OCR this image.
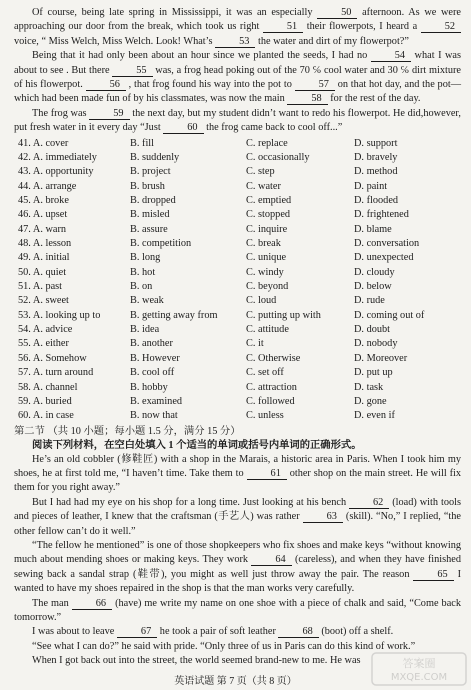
Of course, being late spring in Mississippi, it was an especially 50 afternoon. As we were approaching our door from the break, which took us right 51 their flowerpots, I heard a 52 voice, “ Miss Welch, Miss Welch. Look! What’s 53 the water and dirt of my flowerpot?”

Being that it had only been about an hour since we planted the seeds, I had no 54 what I was about to see . But there 55 was, a frog head poking out of the 70 ℅ cool water and 30 ℅ dirt mixture of his flowerpot. 56 , that frog found his way into the pot to 57 on that hot day, and the pot—which had been made fun of by his classmates, was now the main 58 for the rest of the day.

The frog was 59 the next day, but my student didn’t want to redo his flowerpot. He did,however, put fresh water in it every day “Just 60 the frog came back to cool off...”

41. A. cover	B. fill	C. replace	D. support
42. A. immediately	B. suddenly	C. occasionally	D. bravely
43. A. opportunity	B. project	C. step	D. method
44. A. arrange	B. brush	C. water	D. paint
45. A. broke	B. dropped	C. emptied	D. flooded
46. A. upset	B. misled	C. stopped	D. frightened
47. A. warn	B. assure	C. inquire	D. blame
48. A. lesson	B. competition	C. break	D. conversation
49. A. initial	B. long	C. unique	D. unexpected
50. A. quiet	B. hot	C. windy	D. cloudy
51. A. past	B. on	C. beyond	D. below
52. A. sweet	B. weak	C. loud	D. rude
53. A. looking up to	B. getting away from	C. putting up with	D. coming out of
54. A. advice	B. idea	C. attitude	D. doubt
55. A. either	B. another	C. it	D. nobody
56. A. Somehow	B. However	C. Otherwise	D. Moreover
57. A. turn around	B. cool off	C. set off	D. put up
58. A. channel	B. hobby	C. attraction	D. task
59. A. buried	B. examined	C. followed	D. gone
60. A. in case	B. now that	C. unless	D. even if
第二节 （共 10 小题；每小题 1.5 分，满分 15 分）
阅读下列材料，在空白处填入 1 个适当的单词或括号内单词的正确形式。

He’s an old cobbler (修鞋匠) with a shop in the Marais, a historic area in Paris. When I took him my shoes, he at first told me, “I haven’t time. Take them to 61 other shop on the main street. He will fix them for you right away.”

But I had had my eye on his shop for a long time. Just looking at his bench 62 (load) with tools and pieces of leather, I knew that the craftsman (手艺人) was rather 63 (skill). “No,” I replied, “the other fellow can’t do it well.”

“The fellow he mentioned” is one of those shopkeepers who fix shoes and make keys “without knowing much about mending shoes or making keys. They work 64 (careless), and when they have finished sewing back a sandal strap (鞋带), you might as well just throw away the pair. The reason 65 I wanted to have my shoes repaired in the shop is that the man works very carefully.

The man 66 (have) me write my name on one shoe with a piece of chalk and said, “Come back tomorrow.”

I was about to leave 67 he took a pair of soft leather 68 (boot) off a shelf.

“See what I can do?” he said with pride. “Only three of us in Paris can do this kind of work.”

When I got back out into the street, the world seemed brand-new to me. He was

英语试题 第 7 页（共 8 页）
答案圈
MXQE.COM
